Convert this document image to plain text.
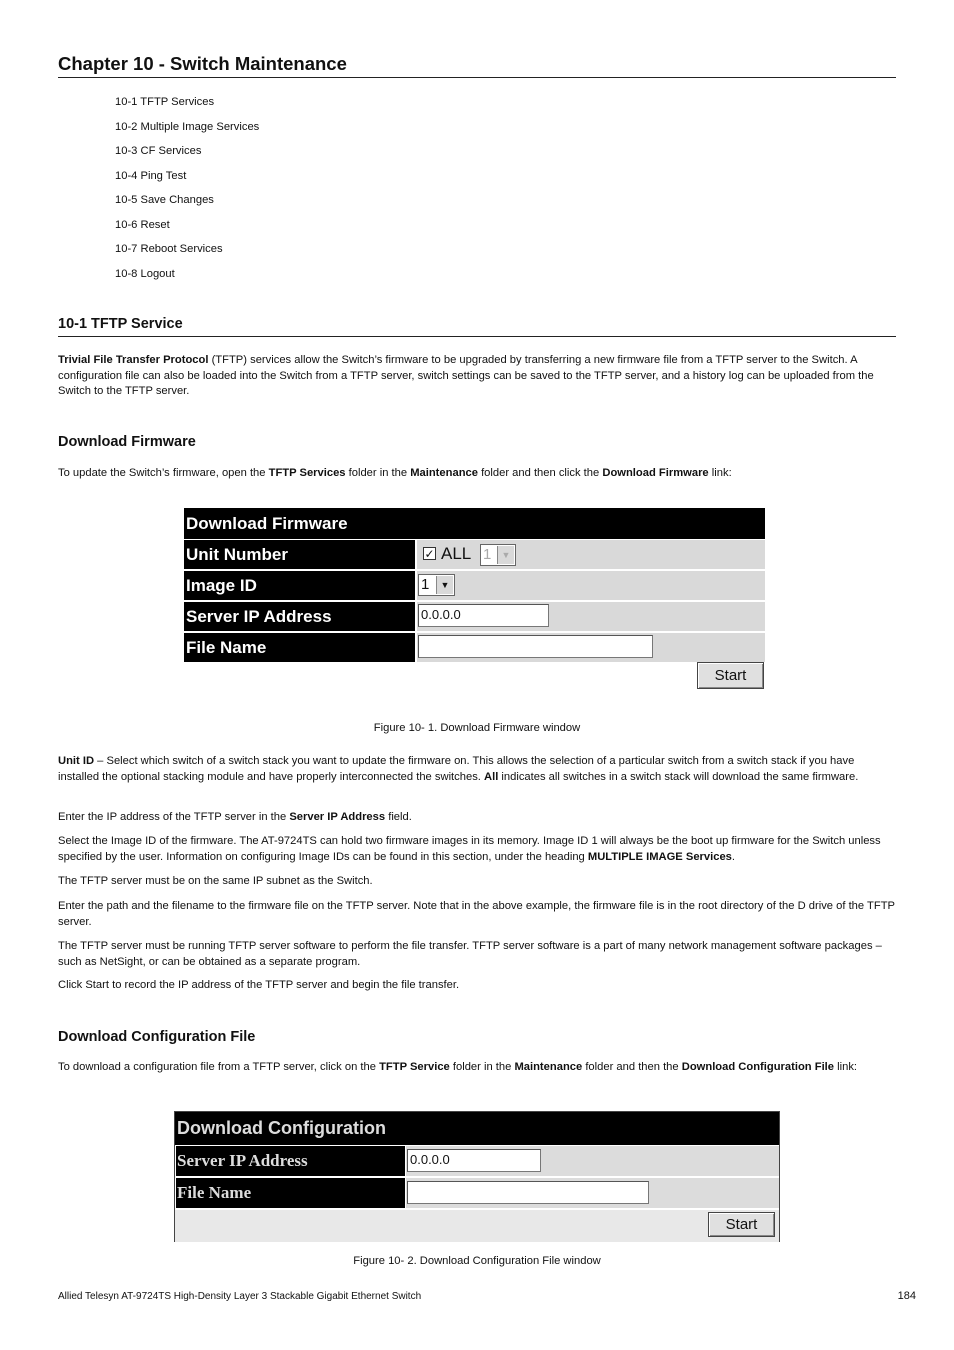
Chapter 10 - Switch Maintenance
10-1 TFTP Services
10-2 Multiple Image Services
10-3 CF Services
10-4 Ping Test
10-5 Save Changes
10-6 Reset
10-7 Reboot Services
10-8 Logout
10-1 TFTP Service
Trivial File Transfer Protocol (TFTP) services allow the Switch’s firmware to be upgraded by transferring a new firmware file from a TFTP server to the Switch. A configuration file can also be loaded into the Switch from a TFTP server, switch settings can be saved to the TFTP server, and a history log can be uploaded from the Switch to the TFTP server.
Download Firmware
To update the Switch’s firmware, open the TFTP Services folder in the Maintenance folder and then click the Download Firmware link:
Download Firmware
Unit Number	✓ ALL 1	▼
Image ID	1	▼
Server IP Address	0.0.0.0
File Name
Start
Figure 10- 1. Download Firmware window
Unit ID – Select which switch of a switch stack you want to update the firmware on. This allows the selection of a particular switch from a switch stack if you have installed the optional stacking module and have properly interconnected the switches. All indicates all switches in a switch stack will download the same firmware.
Enter the IP address of the TFTP server in the Server IP Address field.
Select the Image ID of the firmware. The AT-9724TS can hold two firmware images in its memory. Image ID 1 will always be the boot up firmware for the Switch unless specified by the user. Information on configuring Image IDs can be found in this section, under the heading MULTIPLE IMAGE Services.
The TFTP server must be on the same IP subnet as the Switch.
Enter the path and the filename to the firmware file on the TFTP server. Note that in the above example, the firmware file is in the root directory of the D drive of the TFTP server.
The TFTP server must be running TFTP server software to perform the file transfer. TFTP server software is a part of many network management software packages – such as NetSight, or can be obtained as a separate program.
Click Start to record the IP address of the TFTP server and begin the file transfer.
Download Configuration File
To download a configuration file from a TFTP server, click on the TFTP Service folder in the Maintenance folder and then the Download Configuration File link:
Download Configuration
Server IP Address	0.0.0.0
File Name
Start
Figure 10- 2. Download Configuration File window
Allied Telesyn AT-9724TS High-Density Layer 3 Stackable Gigabit Ethernet Switch	184
